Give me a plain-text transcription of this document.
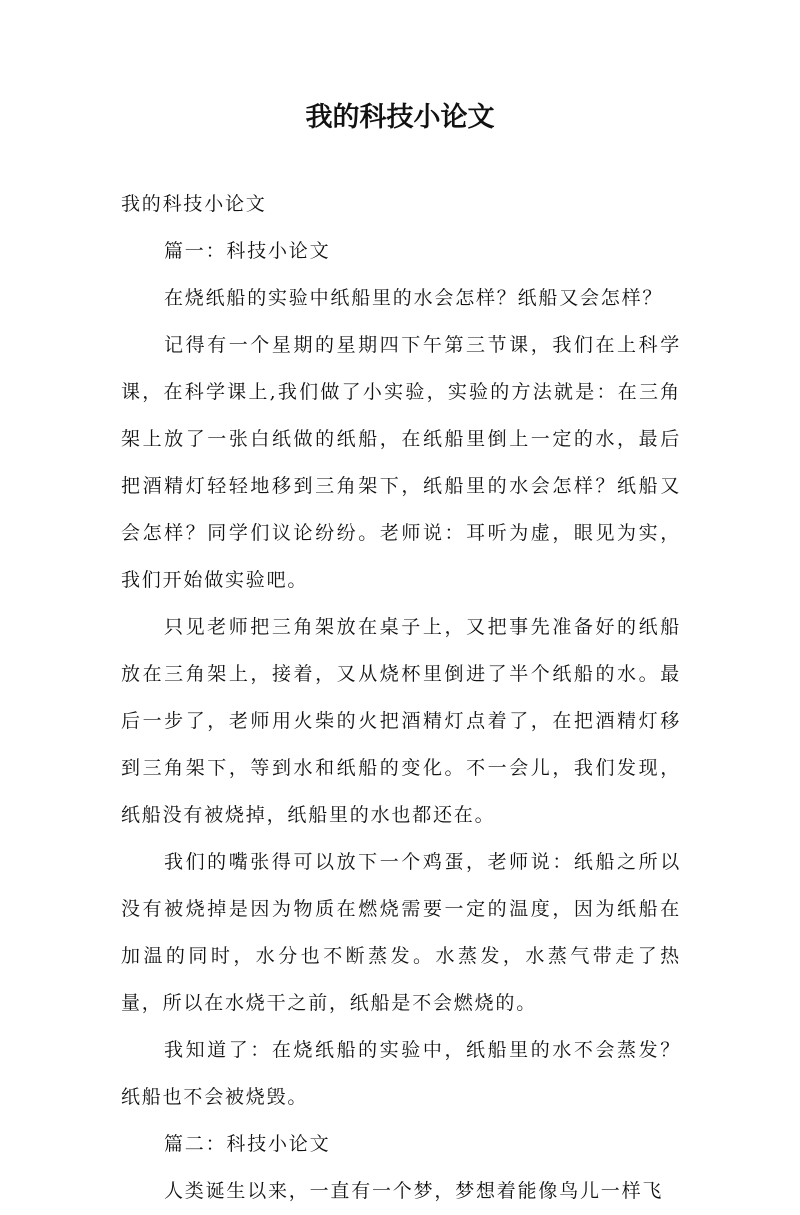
我的科技小论文

我的科技小论文

篇一：科技小论文

在烧纸船的实验中纸船里的水会怎样？纸船又会怎样？

记得有一个星期的星期四下午第三节课，我们在上科学课，在科学课上,我们做了小实验，实验的方法就是：在三角架上放了一张白纸做的纸船，在纸船里倒上一定的水，最后把酒精灯轻轻地移到三角架下，纸船里的水会怎样？纸船又会怎样？同学们议论纷纷。老师说：耳听为虚，眼见为实，我们开始做实验吧。

只见老师把三角架放在桌子上，又把事先准备好的纸船放在三角架上，接着，又从烧杯里倒进了半个纸船的水。最后一步了，老师用火柴的火把酒精灯点着了，在把酒精灯移到三角架下，等到水和纸船的变化。不一会儿，我们发现，纸船没有被烧掉，纸船里的水也都还在。

我们的嘴张得可以放下一个鸡蛋，老师说：纸船之所以没有被烧掉是因为物质在燃烧需要一定的温度，因为纸船在加温的同时，水分也不断蒸发。水蒸发，水蒸气带走了热量，所以在水烧干之前，纸船是不会燃烧的。

我知道了：在烧纸船的实验中，纸船里的水不会蒸发？纸船也不会被烧毁。

篇二：科技小论文

人类诞生以来，一直有一个梦，梦想着能像鸟儿一样飞
